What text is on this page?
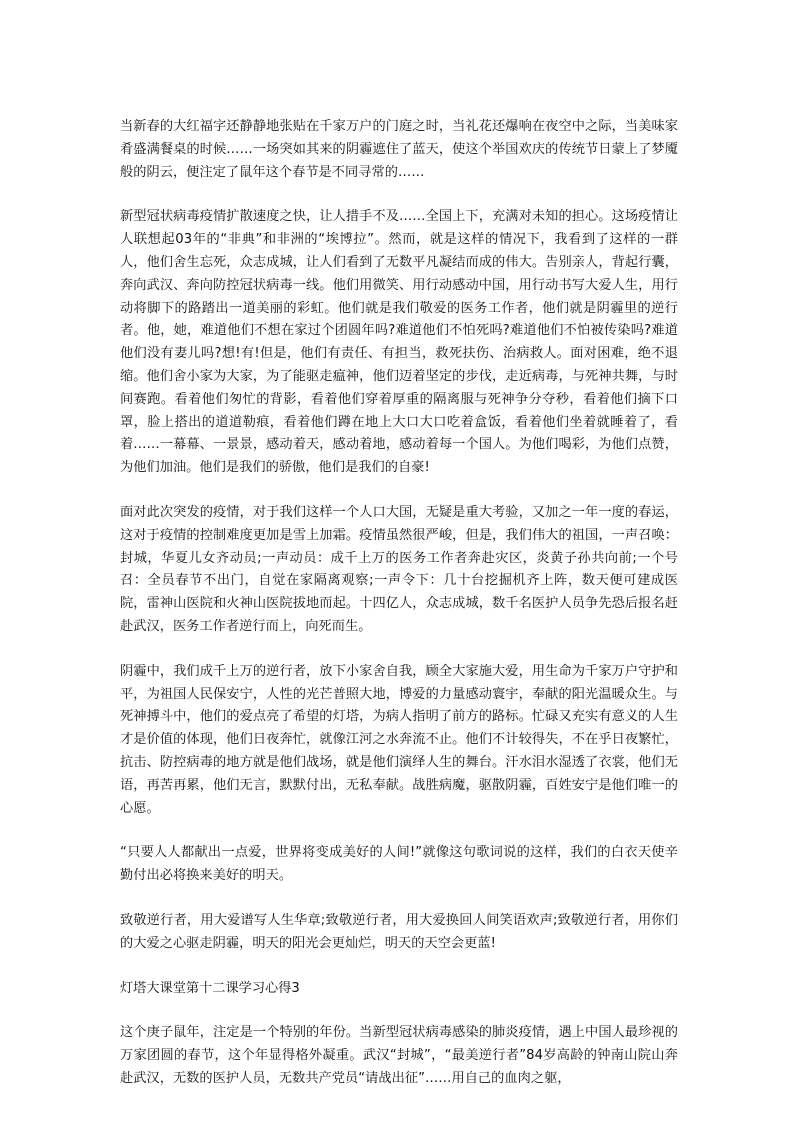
当新春的大红福字还静静地张贴在千家万户的门庭之时，当礼花还爆响在夜空中之际，当美味家肴盛满餐桌的时候……一场突如其来的阴霾遮住了蓝天，使这个举国欢庆的传统节日蒙上了梦魇般的阴云，便注定了鼠年这个春节是不同寻常的……

新型冠状病毒疫情扩散速度之快，让人措手不及……全国上下，充满对未知的担心。这场疫情让人联想起03年的“非典”和非洲的“埃博拉”。然而，就是这样的情况下，我看到了这样的一群人，他们舍生忘死，众志成城，让人们看到了无数平凡凝结而成的伟大。告别亲人，背起行囊，奔向武汉、奔向防控冠状病毒一线。他们用微笑、用行动感动中国，用行动书写大爱人生，用行动将脚下的路踏出一道美丽的彩虹。他们就是我们敬爱的医务工作者，他们就是阴霾里的逆行者。他，她，难道他们不想在家过个团圆年吗?难道他们不怕死吗?难道他们不怕被传染吗?难道他们没有妻儿吗?想!有!但是，他们有责任、有担当，救死扶伤、治病救人。面对困难，绝不退缩。他们舍小家为大家，为了能驱走瘟神，他们迈着坚定的步伐，走近病毒，与死神共舞，与时间赛跑。看着他们匆忙的背影，看着他们穿着厚重的隔离服与死神争分夺秒，看着他们摘下口罩，脸上搭出的道道勒痕，看着他们蹲在地上大口大口吃着盒饭，看着他们坐着就睡着了，看着……一幕幕、一景景，感动着天，感动着地，感动着每一个国人。为他们喝彩，为他们点赞，为他们加油。他们是我们的骄傲，他们是我们的自豪!

面对此次突发的疫情，对于我们这样一个人口大国，无疑是重大考验，又加之一年一度的春运，这对于疫情的控制难度更加是雪上加霜。疫情虽然很严峻，但是，我们伟大的祖国，一声召唤：封城，华夏儿女齐动员;一声动员：成千上万的医务工作者奔赴灾区，炎黄子孙共向前;一个号召：全员春节不出门，自觉在家隔离观察;一声令下：几十台挖掘机齐上阵，数天便可建成医院，雷神山医院和火神山医院拔地而起。十四亿人，众志成城，数千名医护人员争先恐后报名赶赴武汉，医务工作者逆行而上，向死而生。

阴霾中，我们成千上万的逆行者，放下小家舍自我，顾全大家施大爱，用生命为千家万户守护和平，为祖国人民保安宁，人性的光芒普照大地，博爱的力量感动寰宇，奉献的阳光温暖众生。与死神搏斗中，他们的爱点亮了希望的灯塔，为病人指明了前方的路标。忙碌又充实有意义的人生才是价值的体现，他们日夜奔忙，就像江河之水奔流不止。他们不计较得失，不在乎日夜繁忙，抗击、防控病毒的地方就是他们战场，就是他们演绎人生的舞台。汗水泪水湿透了衣裳，他们无语，再苦再累，他们无言，默默付出，无私奉献。战胜病魔，驱散阴霾，百姓安宁是他们唯一的心愿。

“只要人人都献出一点爱，世界将变成美好的人间!”就像这句歌词说的这样，我们的白衣天使辛勤付出必将换来美好的明天。

致敬逆行者，用大爱谱写人生华章;致敬逆行者，用大爱换回人间笑语欢声;致敬逆行者，用你们的大爱之心驱走阴霾，明天的阳光会更灿烂，明天的天空会更蓝!

灯塔大课堂第十二课学习心得3

这个庚子鼠年，注定是一个特别的年份。当新型冠状病毒感染的肺炎疫情，遇上中国人最珍视的万家团圆的春节，这个年显得格外凝重。武汉“封城”，“最美逆行者”84岁高龄的钟南山院山奔赴武汉，无数的医护人员，无数共产党员“请战出征”……用自己的血肉之躯，
